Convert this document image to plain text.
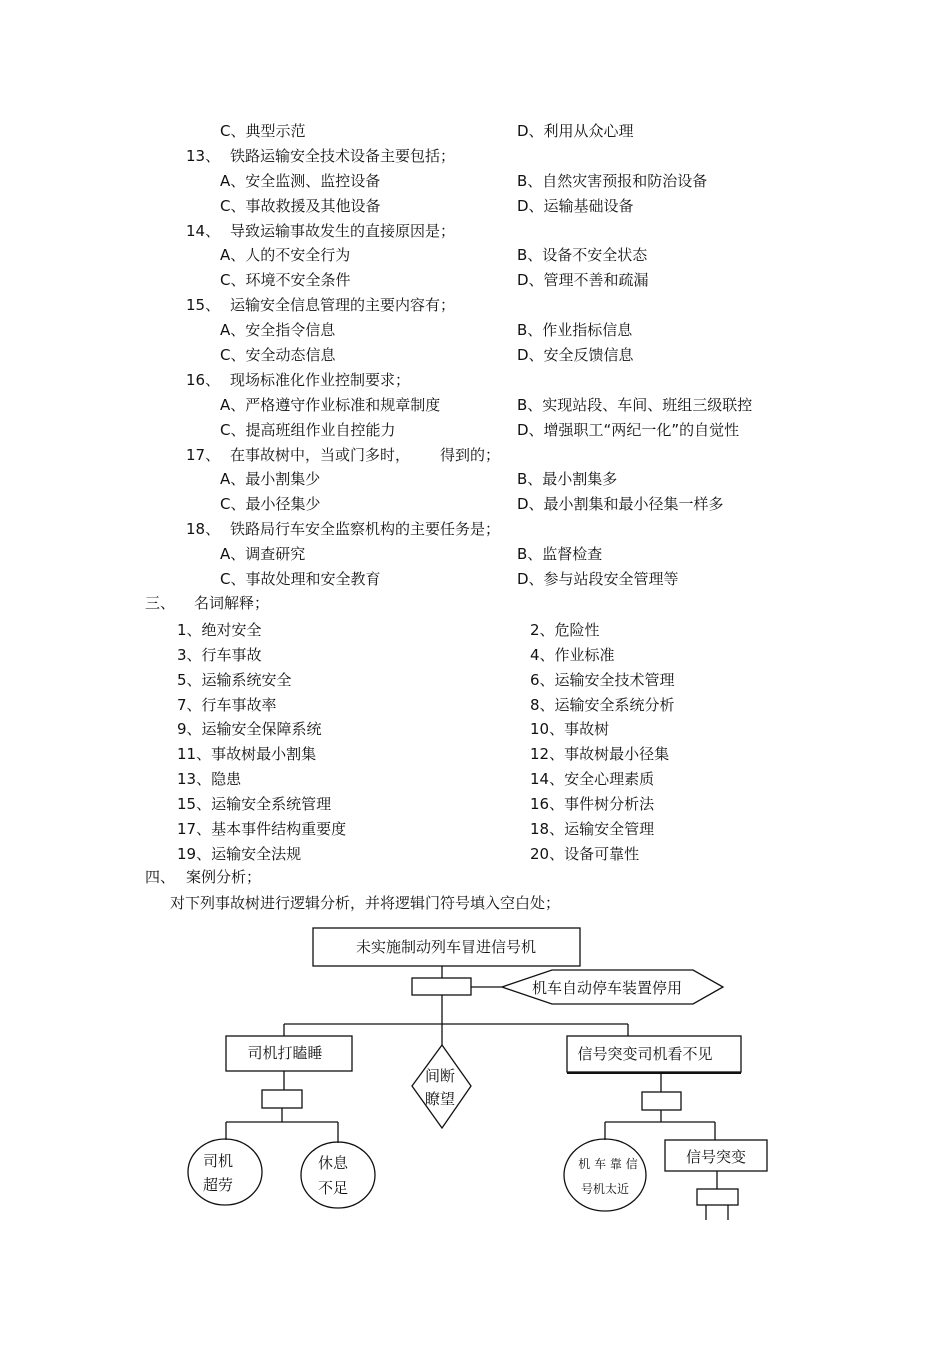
C、典型示范	D、利用从众心理
13、 铁路运输安全技术设备主要包括；
A、安全监测、监控设备	B、自然灾害预报和防治设备
C、事故救援及其他设备	D、运输基础设备
14、 导致运输事故发生的直接原因是；
A、人的不安全行为	B、设备不安全状态
C、环境不安全条件	D、管理不善和疏漏
15、 运输安全信息管理的主要内容有；
A、安全指令信息	B、作业指标信息
C、安全动态信息	D、安全反馈信息
16、 现场标准化作业控制要求；
A、严格遵守作业标准和规章制度	B、实现站段、车间、班组三级联控
C、提高班组作业自控能力	D、增强职工“两纪一化”的自觉性
17、 在事故树中，当或门多时， 得到的；
A、最小割集少	B、最小割集多
C、最小径集少	D、最小割集和最小径集一样多
18、 铁路局行车安全监察机构的主要任务是；
A、调查研究	B、监督检查
C、事故处理和安全教育	D、参与站段安全管理等
三、 名词解释；
1、绝对安全	2、危险性
3、行车事故	4、作业标准
5、运输系统安全	6、运输安全技术管理
7、行车事故率	8、运输安全系统分析
9、运输安全保障系统	10、事故树
11、事故树最小割集	12、事故树最小径集
13、隐患	14、安全心理素质
15、运输安全系统管理	16、事件树分析法
17、基本事件结构重要度	18、运输安全管理
19、运输安全法规	20、设备可靠性
四、 案例分析；
对下列事故树进行逻辑分析，并将逻辑门符号填入空白处；
未实施制动列车冒进信号机
机车自动停车装置停用
司机打瞌睡	信号突变司机看不见
间断
瞭望
司机
超劳
休息
不足
机 车 靠 信
号机太近
信号突变
